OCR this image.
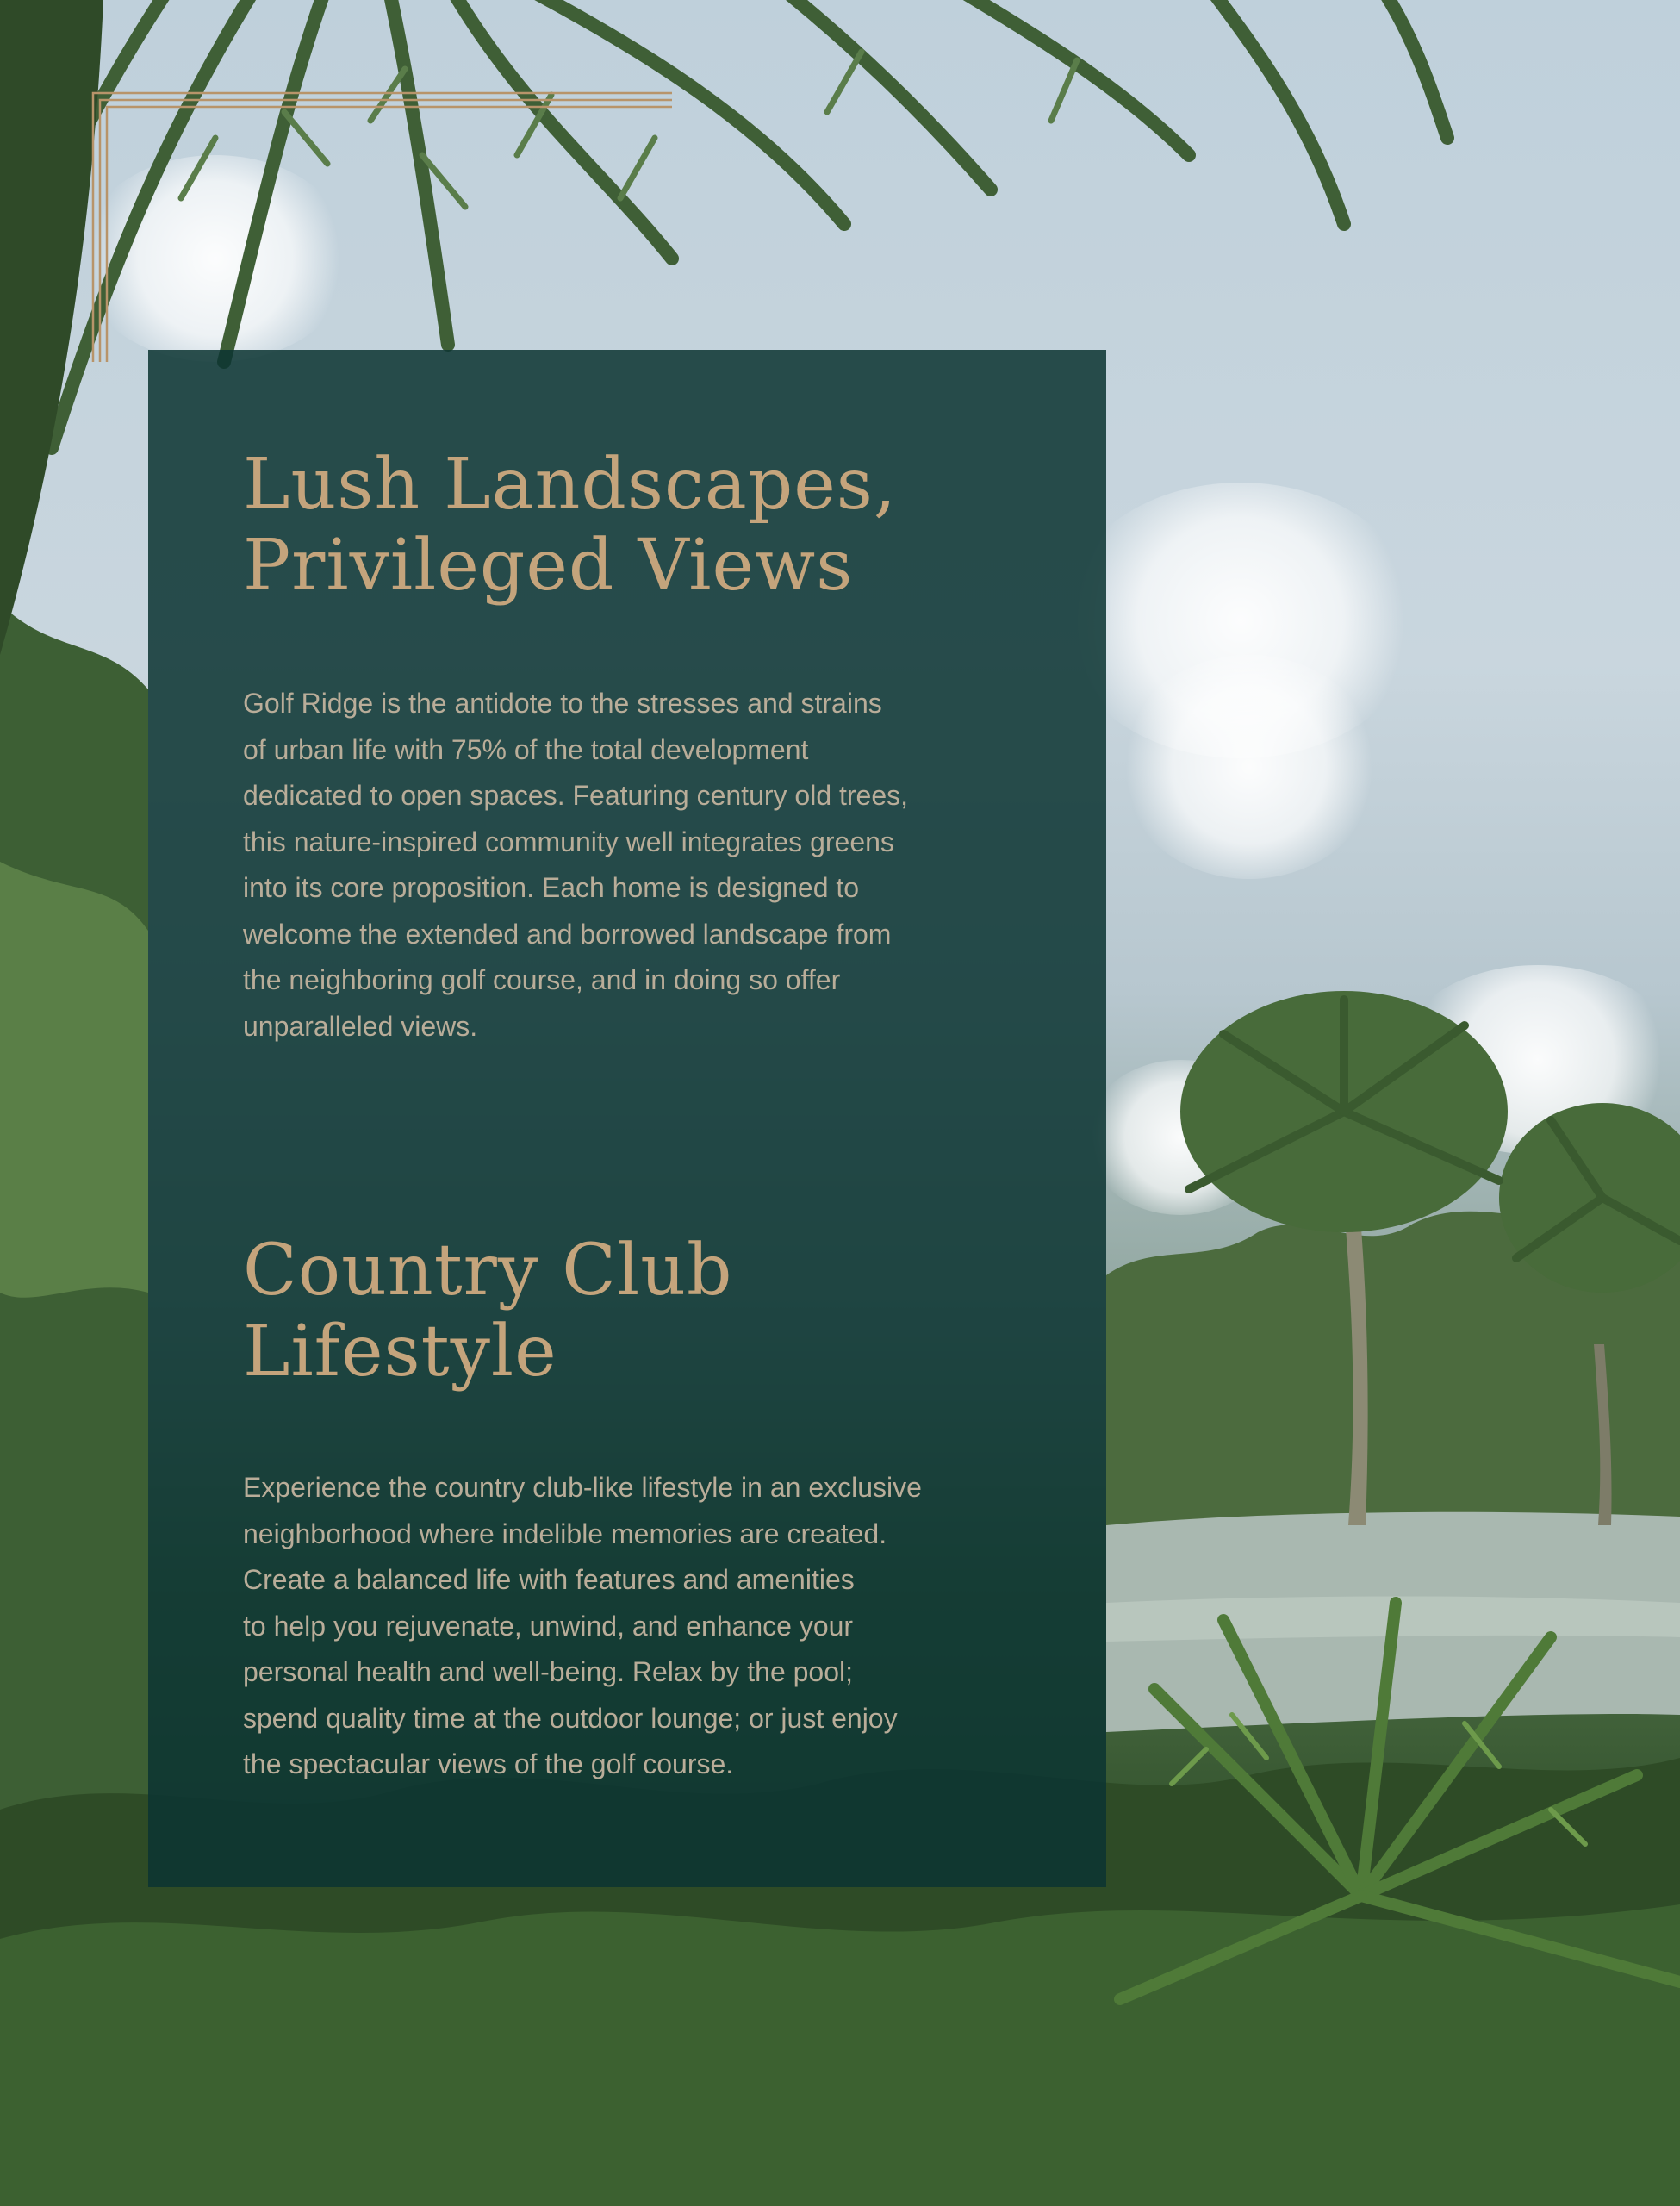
Lush Landscapes,
Privileged Views

Golf Ridge is the antidote to the stresses and strains
of urban life with 75% of the total development
dedicated to open spaces. Featuring century old trees,
this nature-inspired community well integrates greens
into its core proposition. Each home is designed to
welcome the extended and borrowed landscape from
the neighboring golf course, and in doing so offer
unparalleled views.

Country Club
Lifestyle

Experience the country club-like lifestyle in an exclusive
neighborhood where indelible memories are created.
Create a balanced life with features and amenities
to help you rejuvenate, unwind, and enhance your
personal health and well-being. Relax by the pool;
spend quality time at the outdoor lounge; or just enjoy
the spectacular views of the golf course.
